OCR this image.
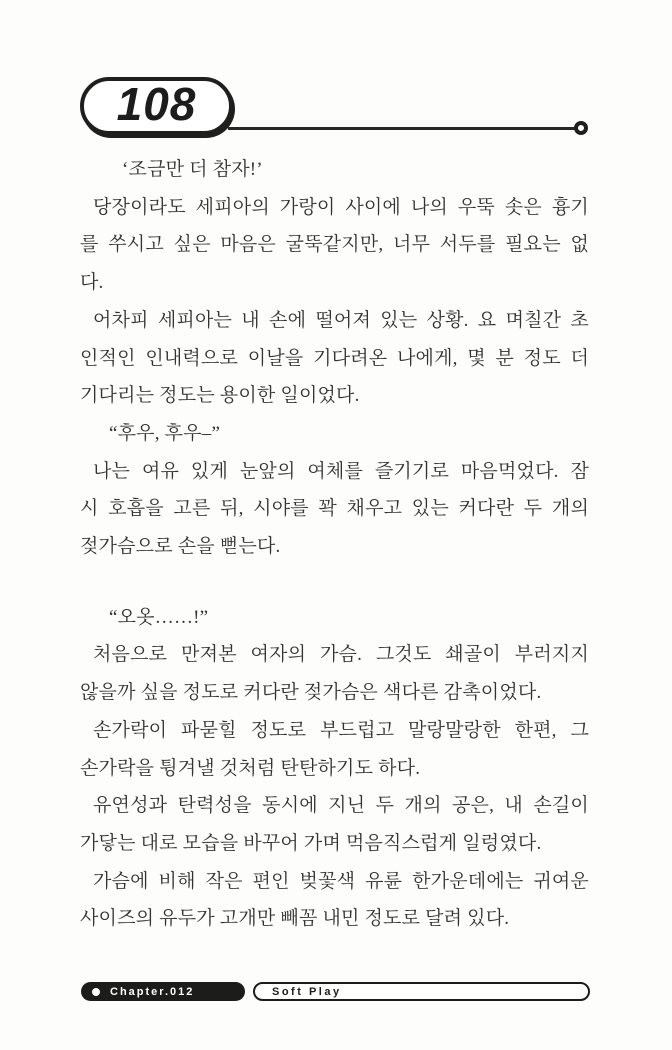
108
‘조금만 더 참자!’
당장이라도 세피아의 가랑이 사이에 나의 우뚝 솟은 흉기
를 쑤시고 싶은 마음은 굴뚝같지만, 너무 서두를 필요는 없
다.
어차피 세피아는 내 손에 떨어져 있는 상황. 요 며칠간 초
인적인 인내력으로 이날을 기다려온 나에게, 몇 분 정도 더
기다리는 정도는 용이한 일이었다.
“후우, 후우–”
나는 여유 있게 눈앞의 여체를 즐기기로 마음먹었다. 잠
시 호흡을 고른 뒤, 시야를 꽉 채우고 있는 커다란 두 개의
젖가슴으로 손을 뻗는다.
“오옷……!”
처음으로 만져본 여자의 가슴. 그것도 쇄골이 부러지지
않을까 싶을 정도로 커다란 젖가슴은 색다른 감촉이었다.
손가락이 파묻힐 정도로 부드럽고 말랑말랑한 한편, 그
손가락을 튕겨낼 것처럼 탄탄하기도 하다.
유연성과 탄력성을 동시에 지닌 두 개의 공은, 내 손길이
가닿는 대로 모습을 바꾸어 가며 먹음직스럽게 일렁였다.
가슴에 비해 작은 편인 벚꽃색 유륜 한가운데에는 귀여운
사이즈의 유두가 고개만 빼꼼 내민 정도로 달려 있다.
Chapter.012	Soft Play
